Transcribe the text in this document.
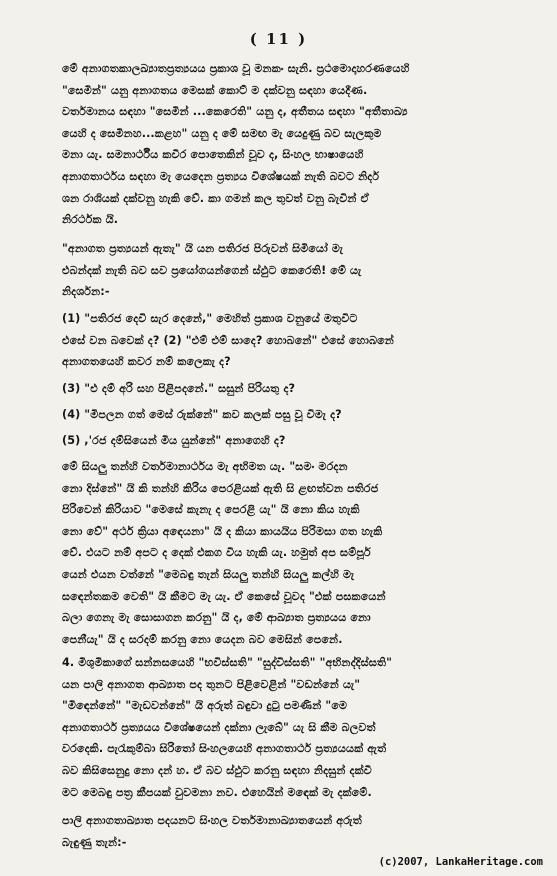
( 11 )
මේ අනාගතකාලඛ්‍යාතප්‍රත්‍යයය ප්‍රකාශ වූ මනකං සැනි. ප්‍රථමොදාහරණයෙහි
"සෙමින්" යනු අනාගතය මෙසක් කොට් ම දක්වනු සඳහා යෙදීණ.
වර්තමානය සඳහා "සෙමින් ...කෙරෙති" යනු ද, අතීතය සඳහා "අතීතාඛ්‍ය
යෙහි ද සෙමිනහ...කළහ" යනු ද මේ සමඟ මැ යෙදුණු බව සැලකුම
මනා යැ. සමනාර්ථීය කවීර පොතෙකින් වූව ද, සිංහල භාෂායෙහි
අනාගතාර්ථය සඳහා මැ යෙදෙන ප්‍රත්‍යය විශේෂයක් නැති බවට නිදර්
ශන රාශියක් දක්වනු හැකි වේ. කා ගමන් කල තුවත් වනු බැවින් ඒ
නිරර්ථක යි.
"අනාගත ප්‍රත්‍යයන් ඇතැ" යි යන පතිරජ පිරුවන් සිමියෝ මැ
එබන්දක් නැති බව සව ප්‍රයෝගයන්ගෙන් ස්ඵුට කෙරෙති! මේ යැ
නිදර්ශන:-
(1) "පතිරජ දෙවි සැර දෙනේ," මෙහිත් ප්‍රකාශ වනුයේ මතුවිට
එසේ වන බවෙක් ද? (2) "එම් එම් සාදෙ? හොබනේ" එසේ හොබනේ
අනාගතයෙහි කවර නම් කලෙකැ ද?
(3) "එ දම් අරි සහ පිළිපදනේ." සසුන් පිරියතු ද?
(4) "මිපලන ගත් මෙස් රුක්නේ" කව කලක් පසු වූ විමැ ද?
(5) ,'රජ දම්සියෙන් මිය යුන්නේ" අනාගෙහි ද?
මේ සියලු තන්හි වර්තමානාර්ථය මැ අභිමත යැ. "සමං මරදන
නො දිස්නේ" යි කි තන්හි කිරිය පෙරළියක් ඇති සි ළඟත්වන පතිරජ
පිරිවෙන් කිරියාව "මෙසේ කැනැ ද පෙරළි යැ" යි නො කිය හැකි
නො වේ" අර්ථ ක්‍රියා අඳෙයනා" යි ද කියා කායයිය පිරිමසා ගත හැකි
වේ. එයට නම් අපට ද දෙක් එකග විය හැකි යැ. හමුත් අප සම්පූර්
යෙන් එයන වත්නේ "මෙබඳු තැන් සියලු තන්හි සියලු කල්හි මැ
සඳෙන්තකම වෙති" යි කීමට මැ යැ. ඒ කෙසේ වූවද "එක් පසකයෙන්
බලා ගෙනැ මැ සොසාගන කරනු" යි ද, මේ ආඛ්‍යාත ප්‍රත්‍යයය නො
පෙනීයැ" යි ද සරදම් කරනු නො යෙදන බව මෙසින් පෙනේ.
4. මිශුමිකාගේ සන්නසයෙහි "භවිස්සති" "සුද්විස්සති" "අභිනද්දිස්සති"
යන පාලි අනාගත ආඛ්‍යාත පද තුනට පිළිවෙළින් "වඩන්නේ යැ"
"මිඳෙන්නේ" "මැඩවන්නේ" යි අරුත් බඳුවා දුටු පමණින් "මෙ
අනාගතාර්ථ ප්‍රත්‍යයය විශේෂයෙන් දක්නා ලැබේ" යැ සි කීම බලවත්
වරදෙකි. පැරැකුම්බා සිරිතෝ සිංහලයෙහි අනාගතාර්ථ ප්‍රත්‍යයයක් ඇත්
බව කිසිසෙනුදු නො දන් හ. ඒ බව ස්ඵුට කරනු සඳහා නිදසුන් දක්වී
මට මෙබඳු පත්‍ර කීපයක් වුවමනා නව. එහෙයින් මඳෙක් මැ දක්මේ.
පාලි අනාගතාඛ්‍යාත පදයනට සිංහල වර්තමානාඛ්‍යාතයෙන් අරුත්
බැඳුණු තැන්:-
(c)2007, LankaHeritage.com
